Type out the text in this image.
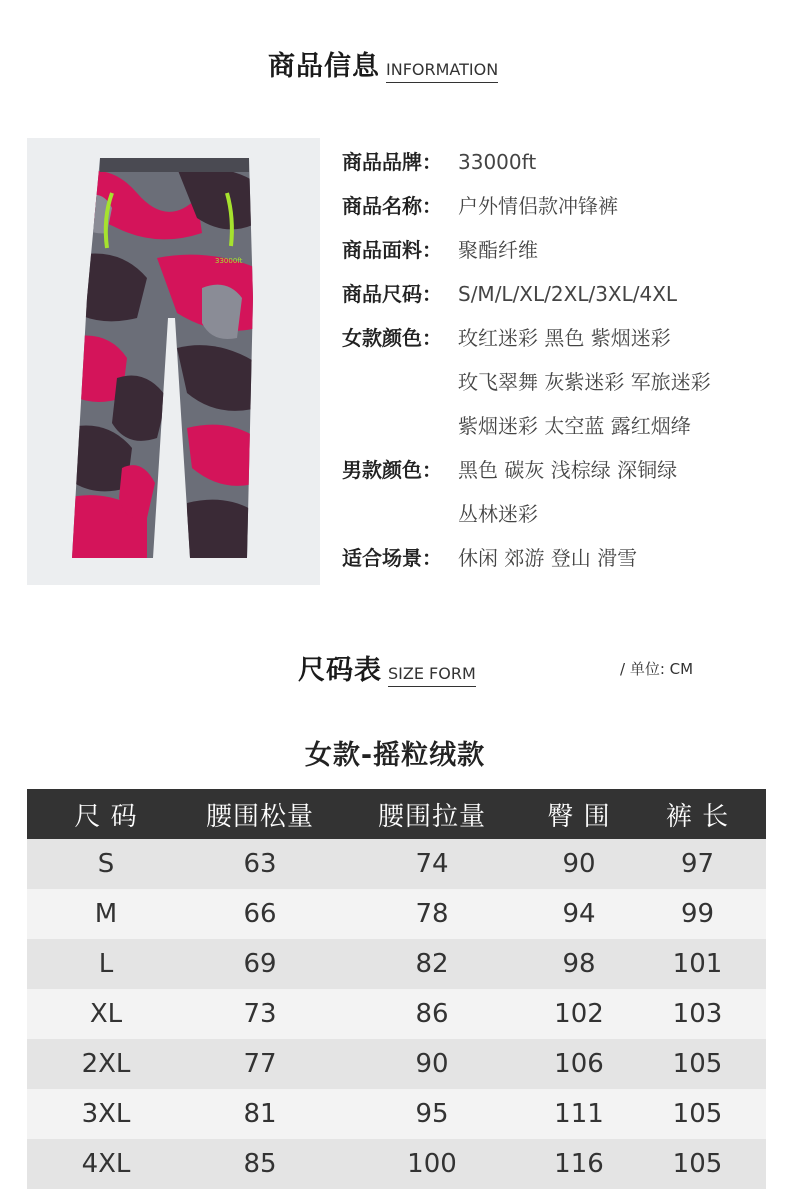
商品信息 INFORMATION
33000ft
商品品牌： 33000ft
商品名称： 户外情侣款冲锋裤
商品面料： 聚酯纤维
商品尺码： S/M/L/XL/2XL/3XL/4XL
女款颜色： 玫红迷彩 黑色 紫烟迷彩
玫飞翠舞 灰紫迷彩 军旅迷彩
紫烟迷彩 太空蓝 露红烟绛
男款颜色： 黑色 碳灰 浅棕绿 深铜绿
丛林迷彩
适合场景： 休闲 郊游 登山 滑雪
尺码表 SIZE FORM	/ 单位: CM
女款-摇粒绒款
尺 码	腰围松量	腰围拉量	臀 围	裤 长
S	63	74	90	97
M	66	78	94	99
L	69	82	98	101
XL	73	86	102	103
2XL	77	90	106	105
3XL	81	95	111	105
4XL	85	100	116	105
